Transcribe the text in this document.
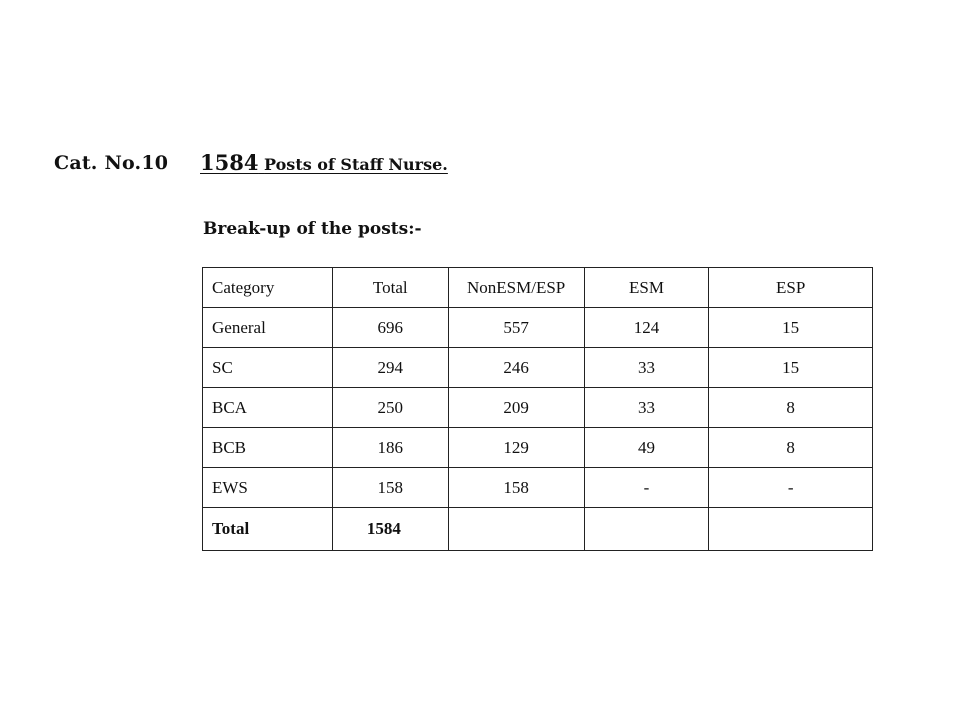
Cat. No.10 1584 Posts of Staff Nurse.
Break-up of the posts:-
Category	Total	NonESM/ESP	ESM	ESP
General	696	557	124	15
SC	294	246	33	15
BCA	250	209	33	8
BCB	186	129	49	8
EWS	158	158	-	-
Total	1584			
